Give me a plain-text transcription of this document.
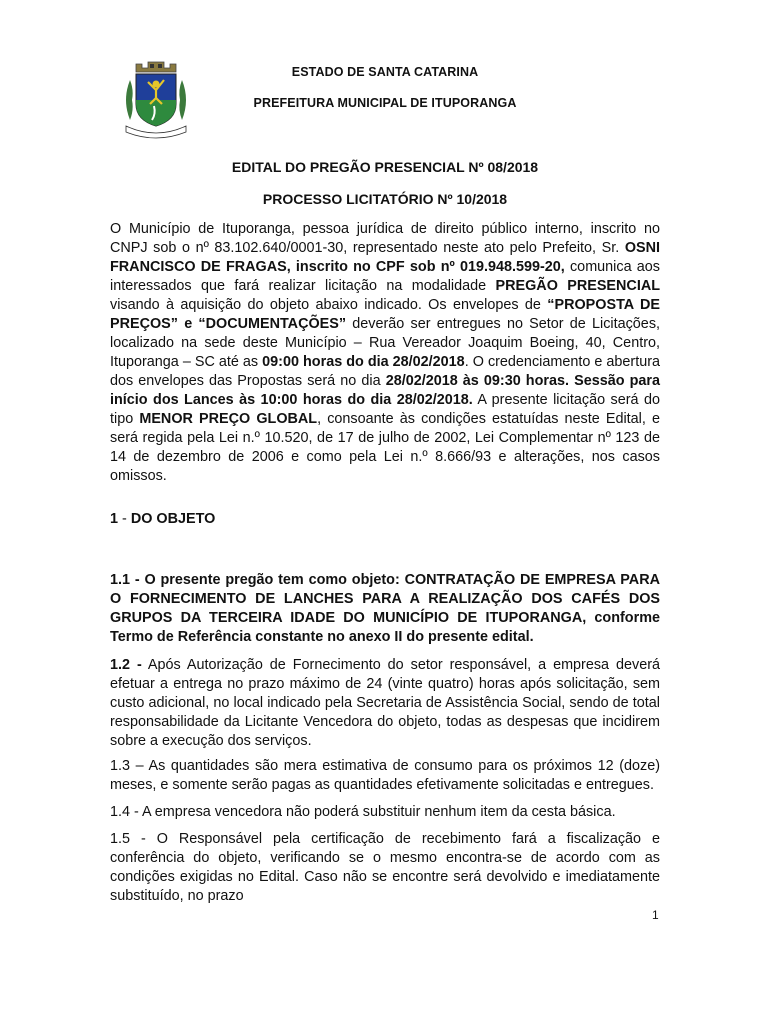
ESTADO DE SANTA CATARINA
PREFEITURA MUNICIPAL DE ITUPORANGA
EDITAL DO PREGÃO PRESENCIAL Nº 08/2018
PROCESSO LICITATÓRIO Nº 10/2018
O Município de Ituporanga, pessoa jurídica de direito público interno, inscrito no CNPJ sob o nº 83.102.640/0001-30, representado neste ato pelo Prefeito, Sr. OSNI FRANCISCO DE FRAGAS, inscrito no CPF sob nº 019.948.599-20, comunica aos interessados que fará realizar licitação na modalidade PREGÃO PRESENCIAL visando à aquisição do objeto abaixo indicado. Os envelopes de “PROPOSTA DE PREÇOS” e “DOCUMENTAÇÕES” deverão ser entregues no Setor de Licitações, localizado na sede deste Município – Rua Vereador Joaquim Boeing, 40, Centro, Ituporanga – SC até as 09:00 horas do dia 28/02/2018. O credenciamento e abertura dos envelopes das Propostas será no dia 28/02/2018 às 09:30 horas. Sessão para início dos Lances às 10:00 horas do dia 28/02/2018. A presente licitação será do tipo MENOR PREÇO GLOBAL, consoante às condições estatuídas neste Edital, e será regida pela Lei n.º 10.520, de 17 de julho de 2002, Lei Complementar nº 123 de 14 de dezembro de 2006 e como pela Lei n.º 8.666/93 e alterações, nos casos omissos.
1 - DO OBJETO
1.1 - O presente pregão tem como objeto: CONTRATAÇÃO DE EMPRESA PARA O FORNECIMENTO DE LANCHES PARA A REALIZAÇÃO DOS CAFÉS DOS GRUPOS DA TERCEIRA IDADE DO MUNICÍPIO DE ITUPORANGA, conforme Termo de Referência constante no anexo II do presente edital.
1.2 - Após Autorização de Fornecimento do setor responsável, a empresa deverá efetuar a entrega no prazo máximo de 24 (vinte quatro) horas após solicitação, sem custo adicional, no local indicado pela Secretaria de Assistência Social, sendo de total responsabilidade da Licitante Vencedora do objeto, todas as despesas que incidirem sobre a execução dos serviços.
1.3 – As quantidades são mera estimativa de consumo para os próximos 12 (doze) meses, e somente serão pagas as quantidades efetivamente solicitadas e entregues.
1.4 - A empresa vencedora não poderá substituir nenhum item da cesta básica.
1.5 - O Responsável pela certificação de recebimento fará a fiscalização e conferência do objeto, verificando se o mesmo encontra-se de acordo com as condições exigidas no Edital. Caso não se encontre será devolvido e imediatamente substituído, no prazo
1
